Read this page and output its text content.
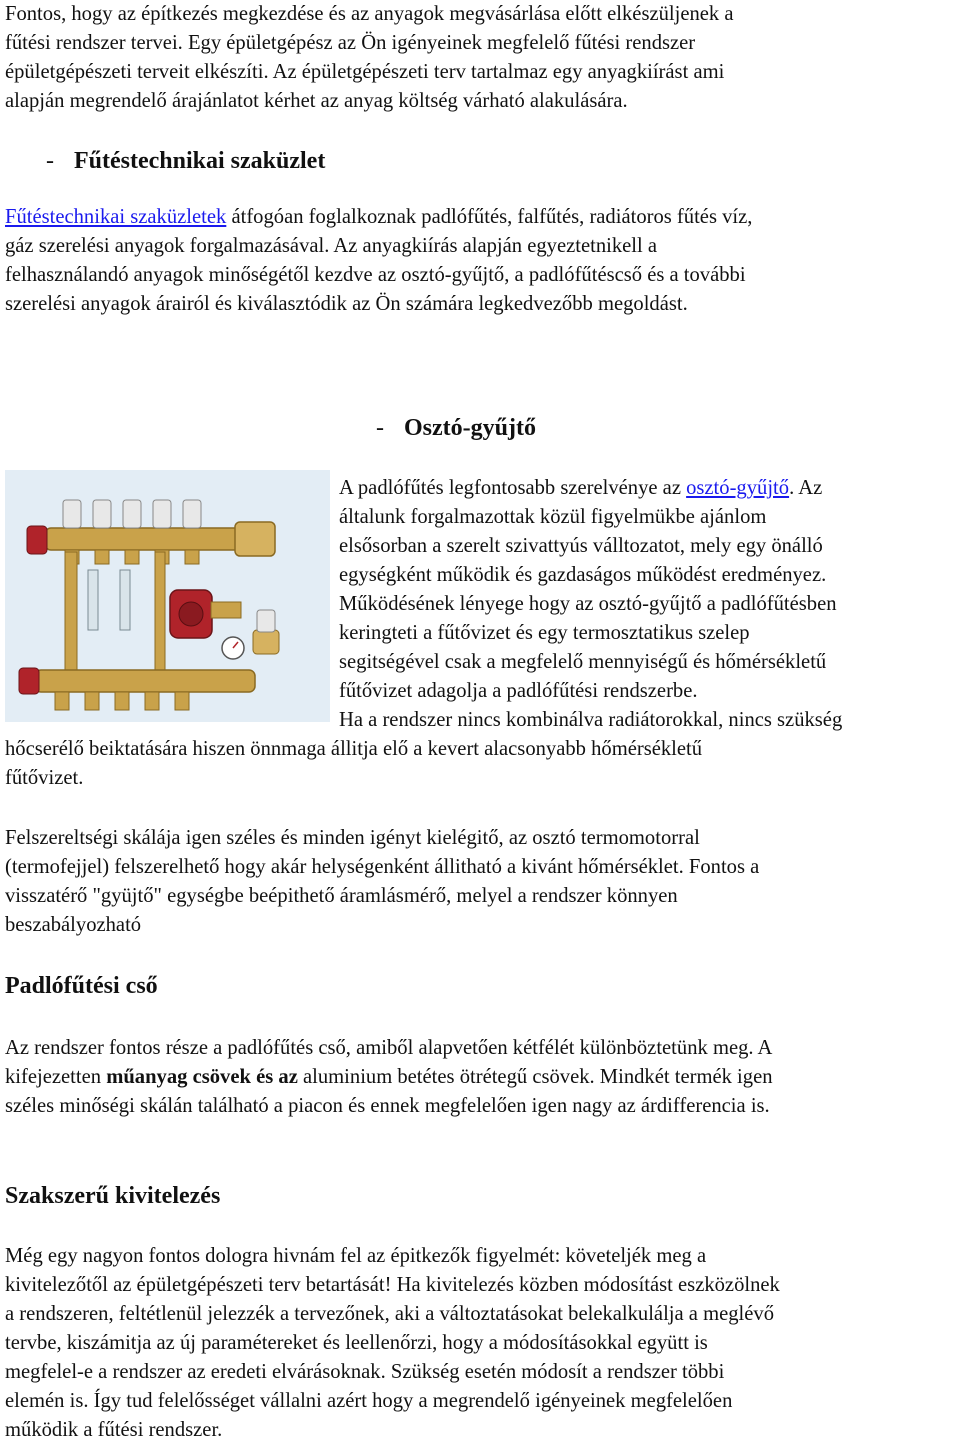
Fontos, hogy az építkezés megkezdése és az anyagok megvásárlása előtt elkészüljenek a
fűtési rendszer tervei. Egy épületgépész az Ön igényeinek megfelelő fűtési rendszer
épületgépészeti terveit elkészíti. Az épületgépészeti terv tartalmaz egy anyagkiírást ami
alapján megrendelő árajánlatot kérhet az anyag költség várható alakulására.

- Fűtéstechnikai szaküzlet

Fűtéstechnikai szaküzletek átfogóan foglalkoznak padlófűtés, falfűtés, radiátoros fűtés víz,
gáz szerelési anyagok forgalmazásával. Az anyagkiírás alapján egyeztetnikell a
felhasználandó anyagok minőségétől kezdve az osztó-gyűjtő, a padlófűtéscső és a további
szerelési anyagok árairól és kiválasztódik az Ön számára legkedvezőbb megoldást.

- Osztó-gyűjtő

A padlófűtés legfontosabb szerelvénye az osztó-gyűjtő. Az
általunk forgalmazottak közül figyelmükbe ajánlom
elsősorban a szerelt szivattyús válltozatot, mely egy önálló
egységként működik és gazdaságos működést eredményez.
Működésének lényege hogy az osztó-gyűjtő a padlófűtésben
keringteti a fűtővizet és egy termosztatikus szelep
segitségével csak a megfelelő mennyiségű és hőmérsékletű
fűtővizet adagolja a padlófűtési rendszerbe.

Ha a rendszer nincs kombinálva radiátorokkal, nincs szükség

hőcserélő beiktatására hiszen önnmaga állitja elő a kevert alacsonyabb hőmérsékletű
fűtővizet.

Felszereltségi skálája igen széles és minden igényt kielégitő, az osztó termomotorral
(termofejjel) felszerelhető hogy akár helységenként állitható a kivánt hőmérséklet. Fontos a
visszatérő "gyüjtő" egységbe beépithető áramlásmérő, melyel a rendszer könnyen
beszabályozható

Padlófűtési cső

Az rendszer fontos része a padlófűtés cső, amiből alapvetően kétfélét különböztetünk meg. A
kifejezetten műanyag csövek és az aluminium betétes ötrétegű csövek. Mindkét termék igen
széles minőségi skálán található a piacon és ennek megfelelően igen nagy az árdifferencia is.

Szakszerű kivitelezés

Még egy nagyon fontos dologra hivnám fel az épitkezők figyelmét: követeljék meg a
kivitelezőtől az épületgépészeti terv betartását! Ha kivitelezés közben módosítást eszközölnek
a rendszeren, feltétlenül jelezzék a tervezőnek, aki a változtatásokat belekalkulálja a meglévő
tervbe, kiszámitja az új paramétereket és leellenőrzi, hogy a módosításokkal együtt is
megfelel-e a rendszer az eredeti elvárásoknak. Szükség esetén módosít a rendszer többi
elemén is. Így tud felelősséget vállalni azért hogy a megrendelő igényeinek megfelelően
működik a fűtési rendszer.
